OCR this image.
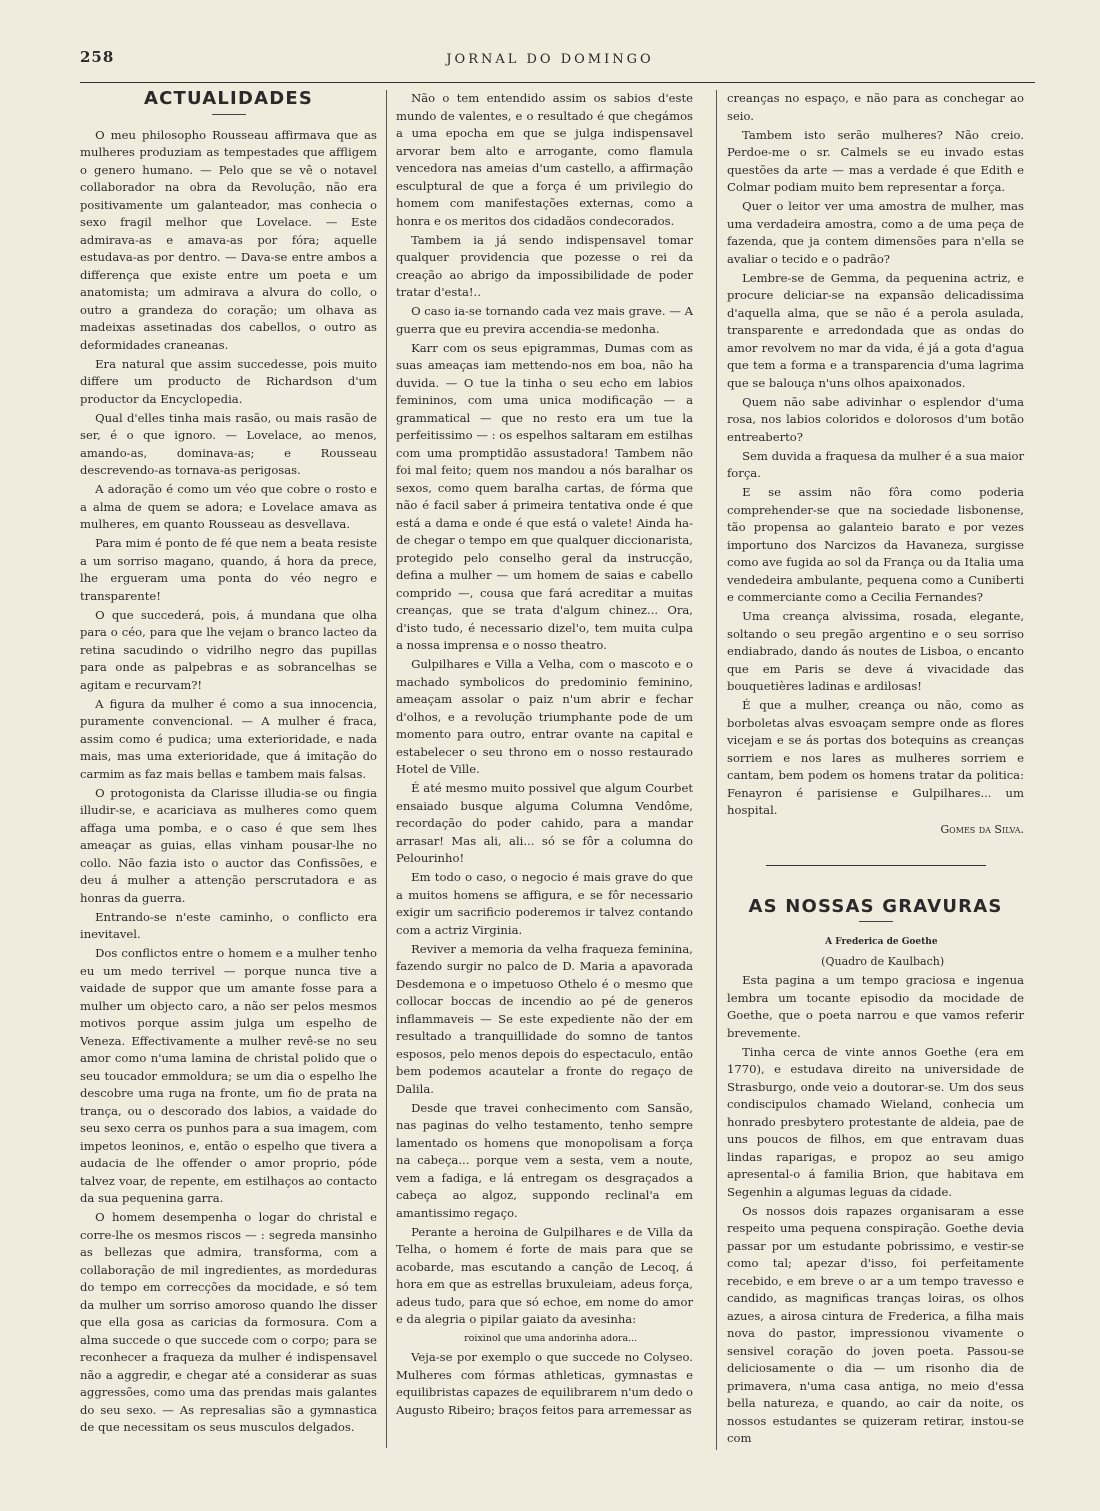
258	JORNAL DO DOMINGO
ACTUALIDADES

O meu philosopho Rousseau affirmava que as mulheres produziam as tempestades que affligem o genero humano. — Pelo que se vê o notavel collaborador na obra da Revolução, não era positivamente um galanteador, mas conhecia o sexo fragil melhor que Lovelace. — Este admirava-as e amava-as por fóra; aquelle estudava-as por dentro. — Dava-se entre ambos a differença que existe entre um poeta e um anatomista; um admirava a alvura do collo, o outro a grandeza do coração; um olhava as madeixas assetinadas dos cabellos, o outro as deformidades craneanas.

Era natural que assim succedesse, pois muito differe um producto de Richardson d'um productor da Encyclopedia.

Qual d'elles tinha mais rasão, ou mais rasão de ser, é o que ignoro. — Lovelace, ao menos, amando-as, dominava-as; e Rousseau descrevendo-as tornava-as perigosas.

A adoração é como um véo que cobre o rosto e a alma de quem se adora; e Lovelace amava as mulheres, em quanto Rousseau as desvellava.

Para mim é ponto de fé que nem a beata resiste a um sorriso magano, quando, á hora da prece, lhe ergueram uma ponta do véo negro e transparente!

O que succederá, pois, á mundana que olha para o céo, para que lhe vejam o branco lacteo da retina sacudindo o vidrilho negro das pupillas para onde as palpebras e as sobrancelhas se agitam e recurvam?!

A figura da mulher é como a sua innocencia, puramente convencional. — A mulher é fraca, assim como é pudica; uma exterioridade, e nada mais, mas uma exterioridade, que á imitação do carmim as faz mais bellas e tambem mais falsas.

O protogonista da Clarisse illudia-se ou fingia illudir-se, e acariciava as mulheres como quem affaga uma pomba, e o caso é que sem lhes ameaçar as guias, ellas vinham pousar-lhe no collo. Não fazia isto o auctor das Confissões, e deu á mulher a attenção perscrutadora e as honras da guerra.

Entrando-se n'este caminho, o conflicto era inevitavel.

Dos conflictos entre o homem e a mulher tenho eu um medo terrivel — porque nunca tive a vaidade de suppor que um amante fosse para a mulher um objecto caro, a não ser pelos mesmos motivos porque assim julga um espelho de Veneza. Effectivamente a mulher revê-se no seu amor como n'uma lamina de christal polido que o seu toucador emmoldura; se um dia o espelho lhe descobre uma ruga na fronte, um fio de prata na trança, ou o descorado dos labios, a vaidade do seu sexo cerra os punhos para a sua imagem, com impetos leoninos, e, então o espelho que tivera a audacia de lhe offender o amor proprio, póde talvez voar, de repente, em estilhaços ao contacto da sua pequenina garra.

O homem desempenha o logar do christal e corre-lhe os mesmos riscos — : segreda mansinho as bellezas que admira, transforma, com a collaboração de mil ingredientes, as mordeduras do tempo em correcções da mocidade, e só tem da mulher um sorriso amoroso quando lhe disser que ella gosa as caricias da formosura. Com a alma succede o que succede com o corpo; para se reconhecer a fraqueza da mulher é indispensavel não a aggredir, e chegar até a considerar as suas aggressões, como uma das prendas mais galantes do seu sexo. — As represalias são a gymnastica de que necessitam os seus musculos delgados.

Não o tem entendido assim os sabios d'este mundo de valentes, e o resultado é que chegámos a uma epocha em que se julga indispensavel arvorar bem alto e arrogante, como flamula vencedora nas ameias d'um castello, a affirmação esculptural de que a força é um privilegio do homem com manifestações externas, como a honra e os meritos dos cidadãos condecorados.

Tambem ia já sendo indispensavel tomar qualquer providencia que pozesse o rei da creação ao abrigo da impossibilidade de poder tratar d'esta!..

O caso ia-se tornando cada vez mais grave. — A guerra que eu previra accendia-se medonha.

Karr com os seus epigrammas, Dumas com as suas ameaças iam mettendo-nos em boa, não ha duvida. — O tue la tinha o seu echo em labios femininos, com uma unica modificação — a grammatical — que no resto era um tue la perfeitissimo — : os espelhos saltaram em estilhas com uma promptidão assustadora! Tambem não foi mal feito; quem nos mandou a nós baralhar os sexos, como quem baralha cartas, de fórma que não é facil saber á primeira tentativa onde é que está a dama e onde é que está o valete! Ainda ha-de chegar o tempo em que qualquer diccionarista, protegido pelo conselho geral da instrucção, defina a mulher — um homem de saias e cabello comprido —, cousa que fará acreditar a muitas creanças, que se trata d'algum chinez... Ora, d'isto tudo, é necessario dizel'o, tem muita culpa a nossa imprensa e o nosso theatro.

Gulpilhares e Villa a Velha, com o mascoto e o machado symbolicos do predominio feminino, ameaçam assolar o paiz n'um abrir e fechar d'olhos, e a revolução triumphante pode de um momento para outro, entrar ovante na capital e estabelecer o seu throno em o nosso restaurado Hotel de Ville.

É até mesmo muito possivel que algum Courbet ensaiado busque alguma Columna Vendôme, recordação do poder cahido, para a mandar arrasar! Mas ali, ali... só se fôr a columna do Pelourinho!

Em todo o caso, o negocio é mais grave do que a muitos homens se affigura, e se fôr necessario exigir um sacrificio poderemos ir talvez contando com a actriz Virginia.

Reviver a memoria da velha fraqueza feminina, fazendo surgir no palco de D. Maria a apavorada Desdemona e o impetuoso Othelo é o mesmo que collocar boccas de incendio ao pé de generos inflammaveis — Se este expediente não der em resultado a tranquillidade do somno de tantos esposos, pelo menos depois do espectaculo, então bem podemos acautelar a fronte do regaço de Dalila.

Desde que travei conhecimento com Sansão, nas paginas do velho testamento, tenho sempre lamentado os homens que monopolisam a força na cabeça... porque vem a sesta, vem a noute, vem a fadiga, e lá entregam os desgraçados a cabeça ao algoz, suppondo reclinal'a em amantissimo regaço.

Perante a heroina de Gulpilhares e de Villa da Telha, o homem é forte de mais para que se acobarde, mas escutando a canção de Lecoq, á hora em que as estrellas bruxuleiam, adeus força, adeus tudo, para que só echoe, em nome do amor e da alegria o pipilar gaiato da avesinha:

roixinol que uma andorinha adora...

Veja-se por exemplo o que succede no Colyseo. Mulheres com fórmas athleticas, gymnastas e equilibristas capazes de equilibrarem n'um dedo o Augusto Ribeiro; braços feitos para arremessar as

creanças no espaço, e não para as conchegar ao seio.

Tambem isto serão mulheres? Não creio. Perdoe-me o sr. Calmels se eu invado estas questões da arte — mas a verdade é que Edith e Colmar podiam muito bem representar a força.

Quer o leitor ver uma amostra de mulher, mas uma verdadeira amostra, como a de uma peça de fazenda, que ja contem dimensões para n'ella se avaliar o tecido e o padrão?

Lembre-se de Gemma, da pequenina actriz, e procure deliciar-se na expansão delicadissima d'aquella alma, que se não é a perola asulada, transparente e arredondada que as ondas do amor revolvem no mar da vida, é já a gota d'agua que tem a forma e a transparencia d'uma lagrima que se balouça n'uns olhos apaixonados.

Quem não sabe adivinhar o esplendor d'uma rosa, nos labios coloridos e dolorosos d'um botão entreaberto?

Sem duvida a fraquesa da mulher é a sua maior força.

E se assim não fôra como poderia comprehender-se que na sociedade lisbonense, tão propensa ao galanteio barato e por vezes importuno dos Narcizos da Havaneza, surgisse como ave fugida ao sol da França ou da Italia uma vendedeira ambulante, pequena como a Cuniberti e commerciante como a Cecilia Fernandes?

Uma creança alvissima, rosada, elegante, soltando o seu pregão argentino e o seu sorriso endiabrado, dando ás noutes de Lisboa, o encanto que em Paris se deve á vivacidade das bouquetières ladinas e ardilosas!

É que a mulher, creança ou não, como as borboletas alvas esvoaçam sempre onde as flores vicejam e se ás portas dos botequins as creanças sorriem e nos lares as mulheres sorriem e cantam, bem podem os homens tratar da politica: Fenayron é parisiense e Gulpilhares... um hospital.

Gomes da Silva.

AS NOSSAS GRAVURAS

A Frederica de Goethe

(Quadro de Kaulbach)

Esta pagina a um tempo graciosa e ingenua lembra um tocante episodio da mocidade de Goethe, que o poeta narrou e que vamos referir brevemente.

Tinha cerca de vinte annos Goethe (era em 1770), e estudava direito na universidade de Strasburgo, onde veio a doutorar-se. Um dos seus condiscipulos chamado Wieland, conhecia um honrado presbytero protestante de aldeia, pae de uns poucos de filhos, em que entravam duas lindas raparigas, e propoz ao seu amigo apresental-o á familia Brion, que habitava em Segenhin a algumas leguas da cidade.

Os nossos dois rapazes organisaram a esse respeito uma pequena conspiração. Goethe devia passar por um estudante pobrissimo, e vestir-se como tal; apezar d'isso, foi perfeitamente recebido, e em breve o ar a um tempo travesso e candido, as magnificas tranças loiras, os olhos azues, a airosa cintura de Frederica, a filha mais nova do pastor, impressionou vivamente o sensivel coração do joven poeta. Passou-se deliciosamente o dia — um risonho dia de primavera, n'uma casa antiga, no meio d'essa bella natureza, e quando, ao cair da noite, os nossos estudantes se quizeram retirar, instou-se com
